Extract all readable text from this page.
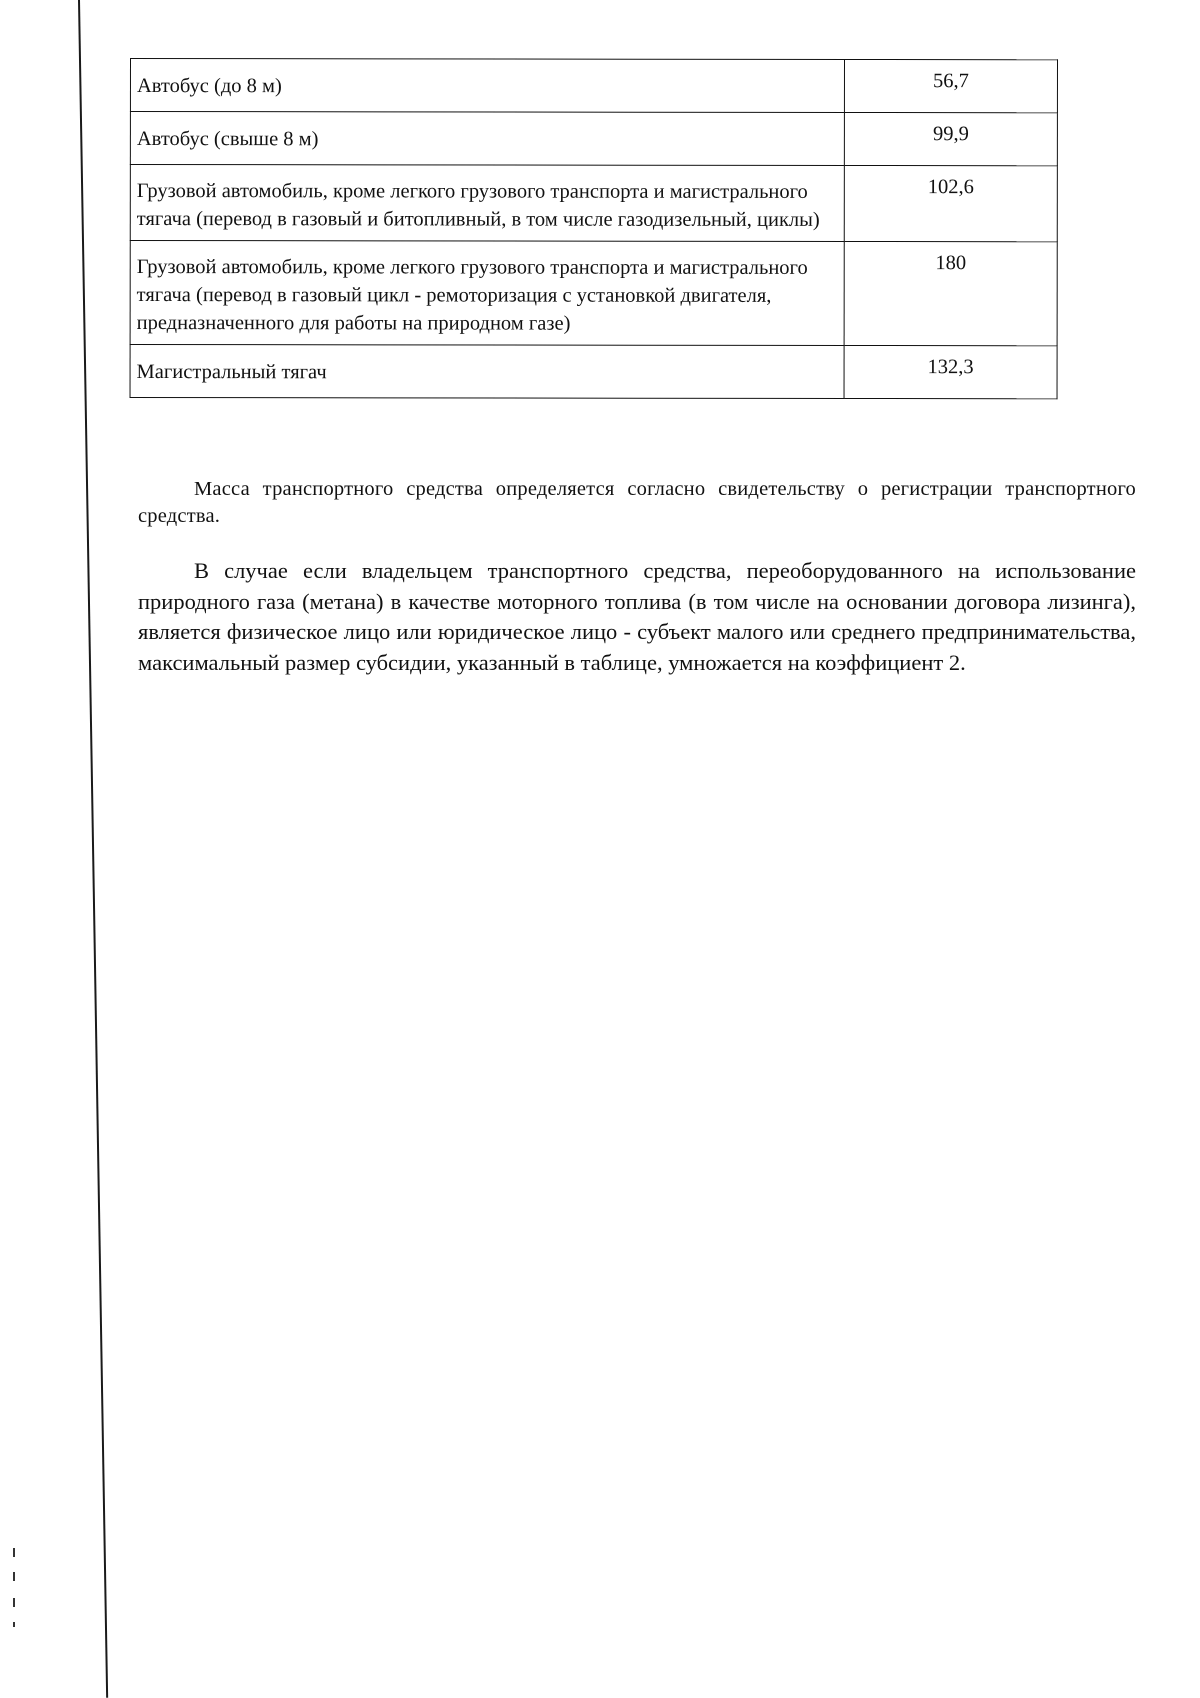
Автобус (до 8 м)	56,7
Автобус (свыше 8 м)	99,9
Грузовой автомобиль, кроме легкого грузового транспорта и магистрального тягача (перевод в газовый и битопливный, в том числе газодизельный, циклы)	102,6
Грузовой автомобиль, кроме легкого грузового транспорта и магистрального тягача (перевод в газовый цикл - ремоторизация с установкой двигателя, предназначенного для работы на природном газе)	180
Магистральный тягач	132,3

Масса транспортного средства определяется согласно свидетельству о регистрации транспортного средства.

В случае если владельцем транспортного средства, переоборудованного на использование природного газа (метана) в качестве моторного топлива (в том числе на основании договора лизинга), является физическое лицо или юридическое лицо - субъект малого или среднего предпринимательства, максимальный размер субсидии, указанный в таблице, умножается на коэффициент 2.
